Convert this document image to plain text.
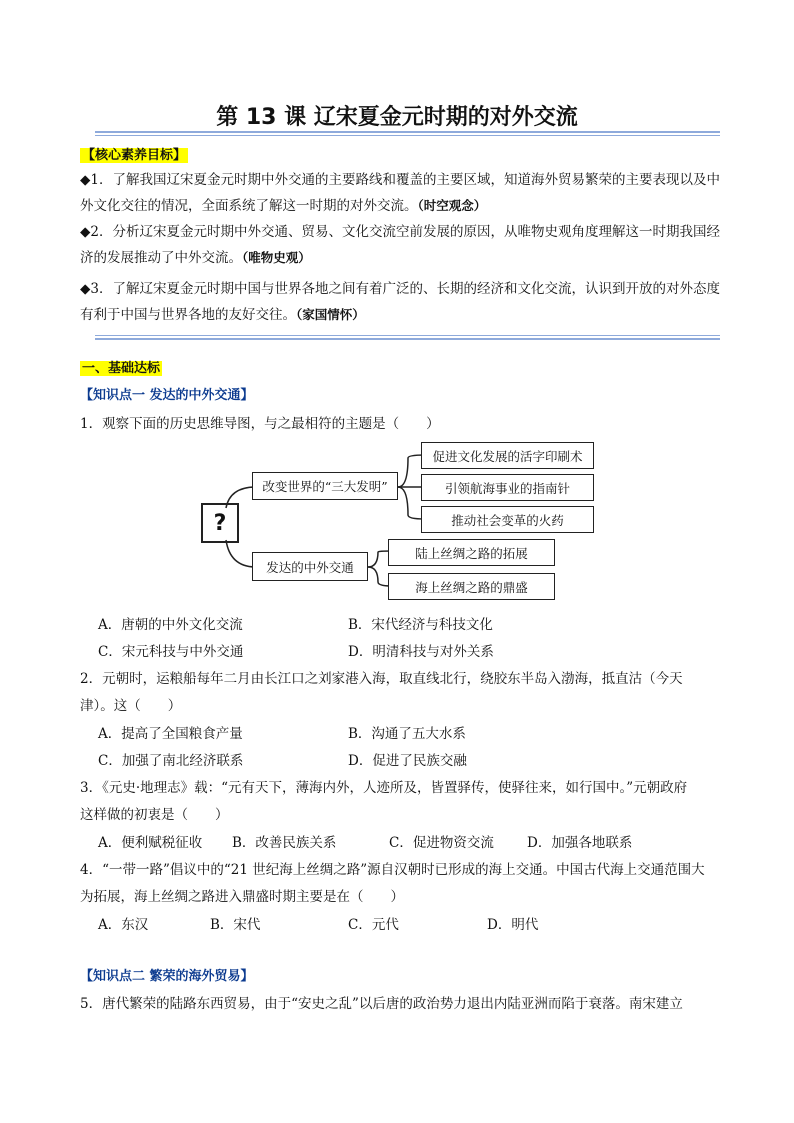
第 13 课 辽宋夏金元时期的对外交流
【核心素养目标】
◆1．了解我国辽宋夏金元时期中外交通的主要路线和覆盖的主要区域，知道海外贸易繁荣的主要表现以及中外文化交往的情况，全面系统了解这一时期的对外交流。（时空观念）
◆2．分析辽宋夏金元时期中外交通、贸易、文化交流空前发展的原因，从唯物史观角度理解这一时期我国经济的发展推动了中外交流。（唯物史观）
◆3．了解辽宋夏金元时期中国与世界各地之间有着广泛的、长期的经济和文化交流，认识到开放的对外态度有利于中国与世界各地的友好交往。（家国情怀）
一、基础达标
【知识点一 发达的中外交通】
1．观察下面的历史思维导图，与之最相符的主题是（　　）
?
改变世界的“三大发明”
发达的中外交通
促进文化发展的活字印刷术
引领航海事业的指南针
推动社会变革的火药
陆上丝绸之路的拓展
海上丝绸之路的鼎盛
A．唐朝的中外文化交流	B．宋代经济与科技文化
C．宋元科技与中外交通	D．明清科技与对外关系
2．元朝时，运粮船每年二月由长江口之刘家港入海，取直线北行，绕胶东半岛入渤海，抵直沽（今天
津）。这（　　）
A．提高了全国粮食产量	B．沟通了五大水系
C．加强了南北经济联系	D．促进了民族交融
3．《元史·地理志》载：“元有天下，薄海内外，人迹所及，皆置驿传，使驿往来，如行国中。”元朝政府
这样做的初衷是（　　）
A．便利赋税征收 B．改善民族关系	C．促进物资交流 D．加强各地联系
4．“一带一路”倡议中的“21 世纪海上丝绸之路”源自汉朝时已形成的海上交通。中国古代海上交通范围大
为拓展，海上丝绸之路进入鼎盛时期主要是在（　　）
A．东汉	B．宋代	C．元代	D．明代
【知识点二 繁荣的海外贸易】
5．唐代繁荣的陆路东西贸易，由于“安史之乱”以后唐的政治势力退出内陆亚洲而陷于衰落。南宋建立
